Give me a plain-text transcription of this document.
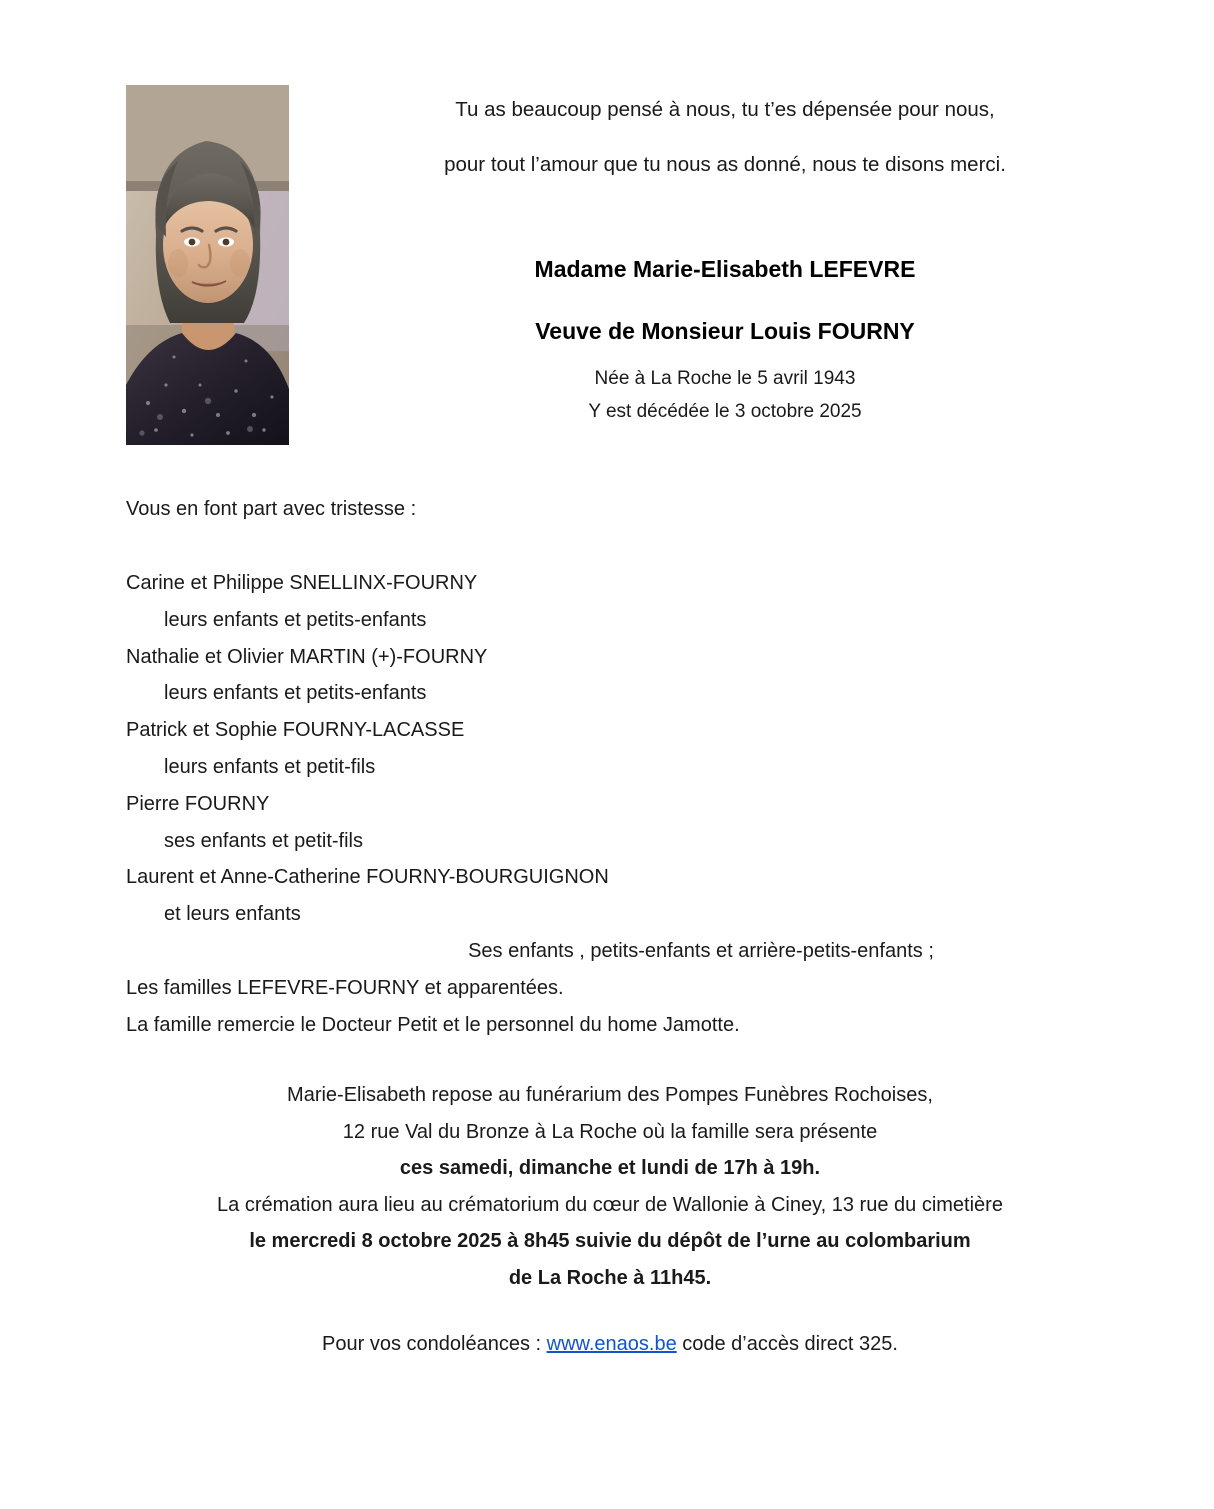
Tu as beaucoup pensé à nous, tu t’es dépensée pour nous,
pour tout l’amour que tu nous as donné, nous te disons merci.
Madame Marie-Elisabeth LEFEVRE
Veuve de Monsieur Louis FOURNY
Née à La Roche le 5 avril 1943
Y est décédée le 3 octobre 2025
Vous en font part avec tristesse :
Carine et Philippe SNELLINX-FOURNY
leurs enfants et petits-enfants
Nathalie et Olivier MARTIN (+)-FOURNY
leurs enfants et petits-enfants
Patrick et Sophie FOURNY-LACASSE
leurs enfants et petit-fils
Pierre FOURNY
ses enfants et petit-fils
Laurent et Anne-Catherine FOURNY-BOURGUIGNON
et leurs enfants
Ses enfants , petits-enfants et arrière-petits-enfants ;
Les familles LEFEVRE-FOURNY et apparentées.
La famille remercie le Docteur Petit et le personnel du home Jamotte.
Marie-Elisabeth repose au funérarium des Pompes Funèbres Rochoises,
12 rue Val du Bronze à La Roche où la famille sera présente
ces samedi, dimanche et lundi de 17h à 19h.
La crémation aura lieu au crématorium du cœur de Wallonie à Ciney, 13 rue du cimetière
le mercredi 8 octobre 2025 à 8h45 suivie du dépôt de l’urne au colombarium
de La Roche à 11h45.
Pour vos condoléances : www.enaos.be code d’accès direct 325.
